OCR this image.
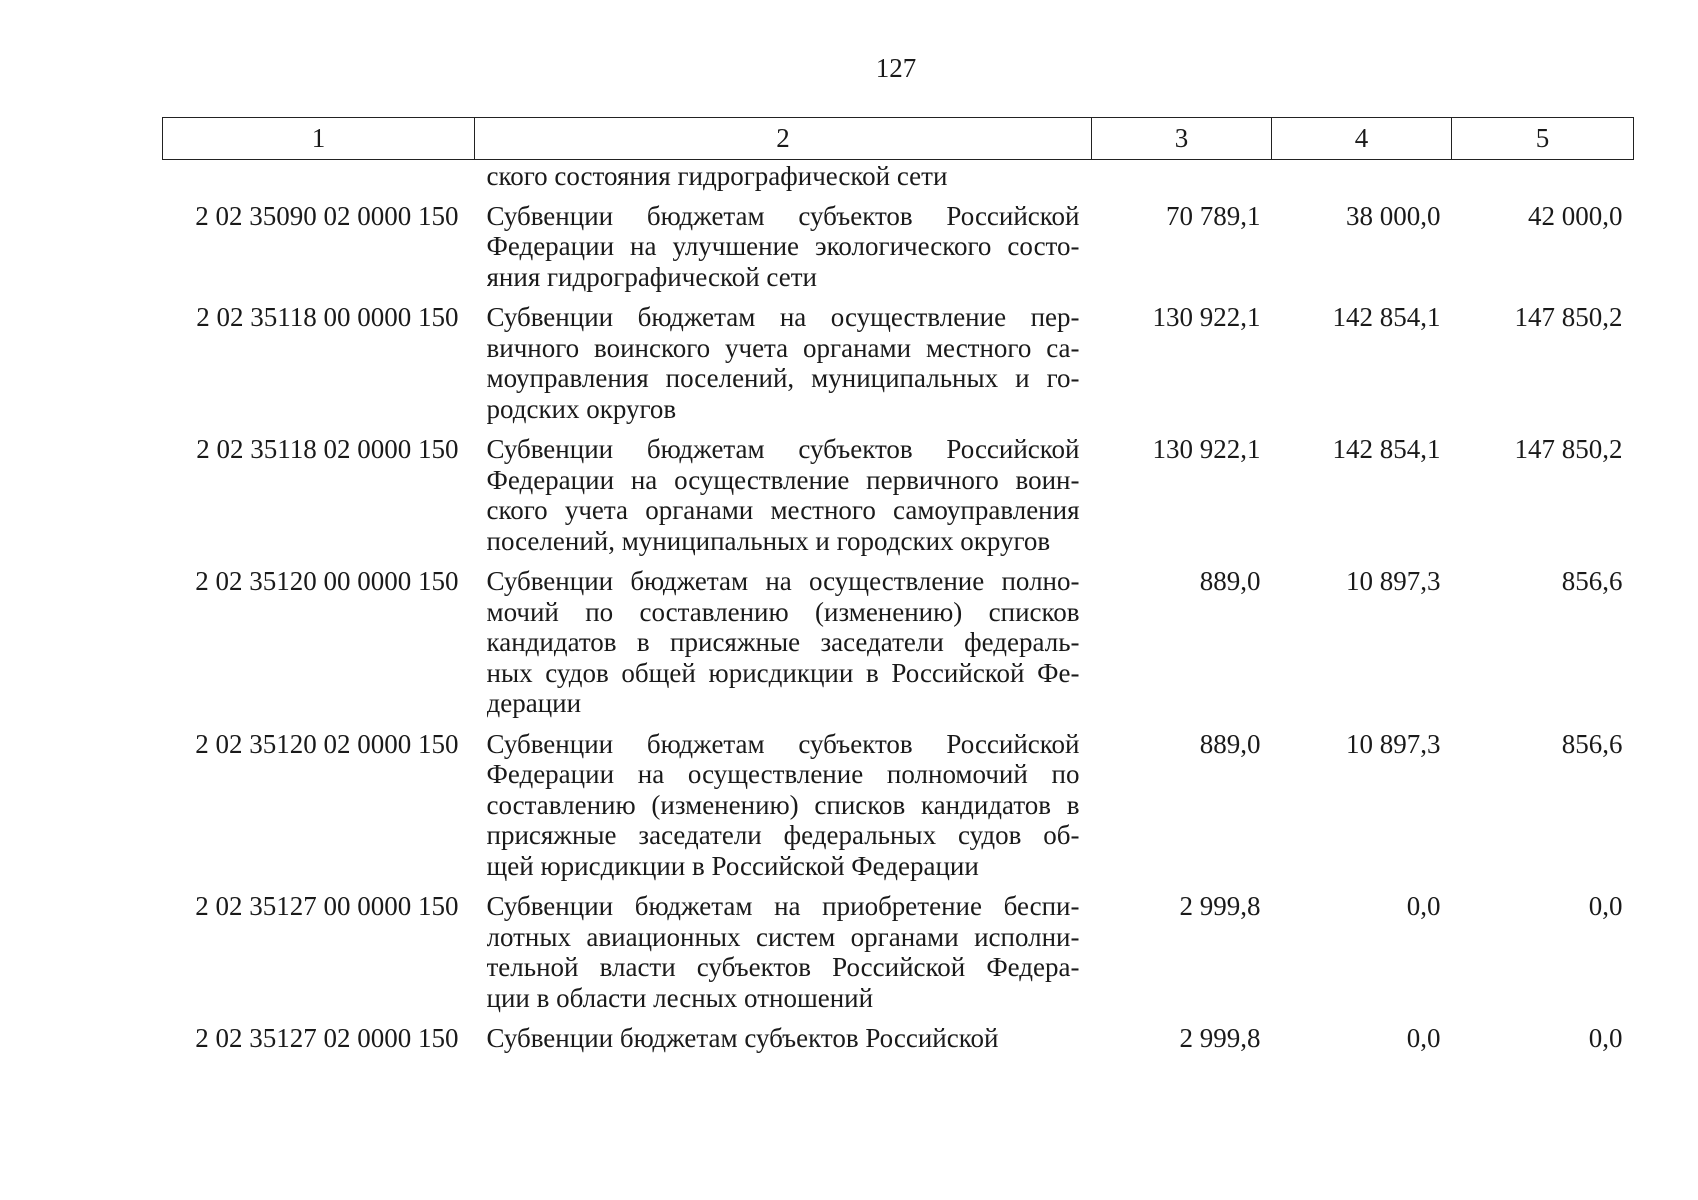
127
1	2	3	4	5

	ского состояния гидрографической сети			

2 02 35090 02 0000 150	Субвенции бюджетам субъектов Российской
Федерации на улучшение экологического состо-
яния гидрографической сети	70 789,1	38 000,0	42 000,0
2 02 35118 00 0000 150	Субвенции бюджетам на осуществление пер-
вичного воинского учета органами местного са-
моуправления поселений, муниципальных и го-
родских округов	130 922,1	142 854,1	147 850,2
2 02 35118 02 0000 150	Субвенции бюджетам субъектов Российской
Федерации на осуществление первичного воин-
ского учета органами местного самоуправления
поселений, муниципальных и городских округов	130 922,1	142 854,1	147 850,2
2 02 35120 00 0000 150	Субвенции бюджетам на осуществление полно-
мочий по составлению (изменению) списков
кандидатов в присяжные заседатели федераль-
ных судов общей юрисдикции в Российской Фе-
дерации	889,0	10 897,3	856,6
2 02 35120 02 0000 150	Субвенции бюджетам субъектов Российской
Федерации на осуществление полномочий по
составлению (изменению) списков кандидатов в
присяжные заседатели федеральных судов об-
щей юрисдикции в Российской Федерации	889,0	10 897,3	856,6
2 02 35127 00 0000 150	Субвенции бюджетам на приобретение беспи-
лотных авиационных систем органами исполни-
тельной власти субъектов Российской Федера-
ции в области лесных отношений	2 999,8	0,0	0,0
2 02 35127 02 0000 150	Субвенции бюджетам субъектов Российской	2 999,8	0,0	0,0
